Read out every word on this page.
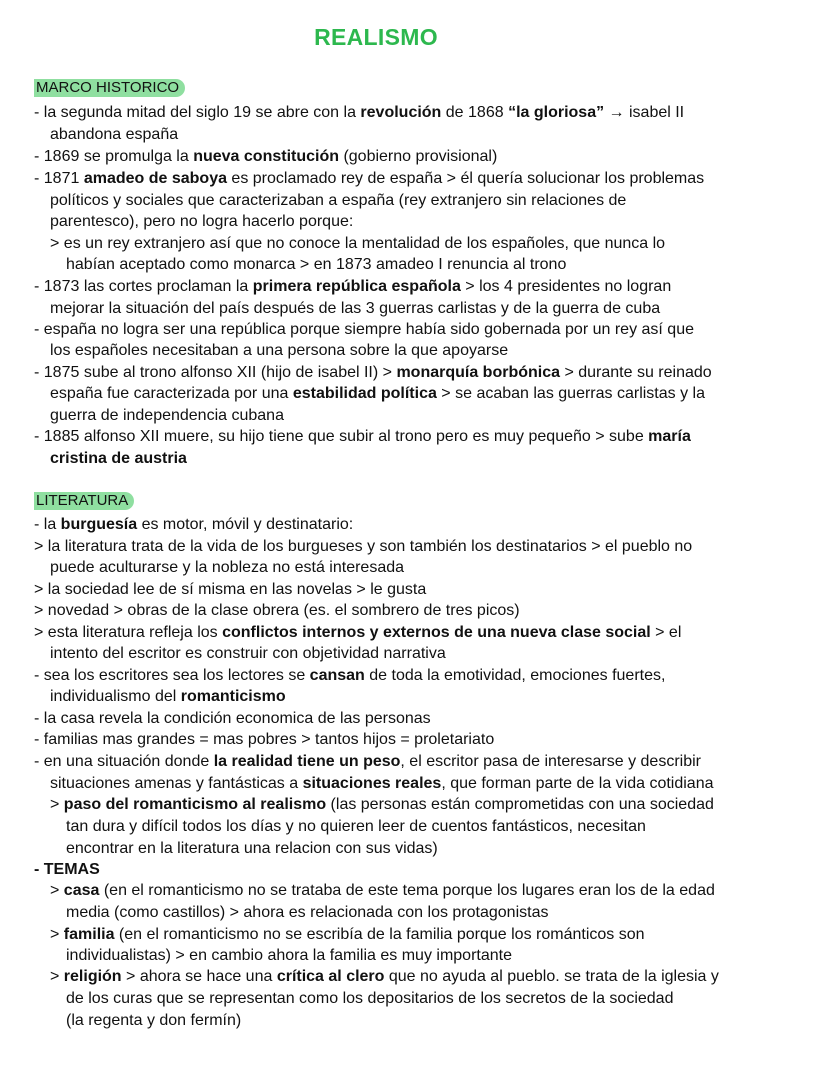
REALISMO
MARCO HISTORICO
LITERATURA
- la segunda mitad del siglo 19 se abre con la revolución de 1868 “la gloriosa” → isabel II
abandona españa
- 1869 se promulga la nueva constitución (gobierno provisional)
- 1871 amadeo de saboya es proclamado rey de españa > él quería solucionar los problemas
políticos y sociales que caracterizaban a españa (rey extranjero sin relaciones de
parentesco), pero no logra hacerlo porque:
> es un rey extranjero así que no conoce la mentalidad de los españoles, que nunca lo
habían aceptado como monarca > en 1873 amadeo I renuncia al trono
- 1873 las cortes proclaman la primera república española > los 4 presidentes no logran
mejorar la situación del país después de las 3 guerras carlistas y de la guerra de cuba
- españa no logra ser una república porque siempre había sido gobernada por un rey así que
los españoles necesitaban a una persona sobre la que apoyarse
- 1875 sube al trono alfonso XII (hijo de isabel II) > monarquía borbónica > durante su reinado
españa fue caracterizada por una estabilidad política > se acaban las guerras carlistas y la
guerra de independencia cubana
- 1885 alfonso XII muere, su hijo tiene que subir al trono pero es muy pequeño > sube maría
cristina de austria
- la burguesía es motor, móvil y destinatario:
> la literatura trata de la vida de los burgueses y son también los destinatarios > el pueblo no
puede aculturarse y la nobleza no está interesada
> la sociedad lee de sí misma en las novelas > le gusta
> novedad > obras de la clase obrera (es. el sombrero de tres picos)
> esta literatura refleja los conflictos internos y externos de una nueva clase social > el
intento del escritor es construir con objetividad narrativa
- sea los escritores sea los lectores se cansan de toda la emotividad, emociones fuertes,
individualismo del romanticismo
- la casa revela la condición economica de las personas
- familias mas grandes = mas pobres > tantos hijos = proletariato
- en una situación donde la realidad tiene un peso, el escritor pasa de interesarse y describir
situaciones amenas y fantásticas a situaciones reales, que forman parte de la vida cotidiana
> paso del romanticismo al realismo (las personas están comprometidas con una sociedad
tan dura y difícil todos los días y no quieren leer de cuentos fantásticos, necesitan
encontrar en la literatura una relacion con sus vidas)
- TEMAS
> casa (en el romanticismo no se trataba de este tema porque los lugares eran los de la edad
media (como castillos) > ahora es relacionada con los protagonistas
> familia (en el romanticismo no se escribía de la familia porque los románticos son
individualistas) > en cambio ahora la familia es muy importante
> religión > ahora se hace una crítica al clero que no ayuda al pueblo. se trata de la iglesia y
de los curas que se representan como los depositarios de los secretos de la sociedad
(la regenta y don fermín)
